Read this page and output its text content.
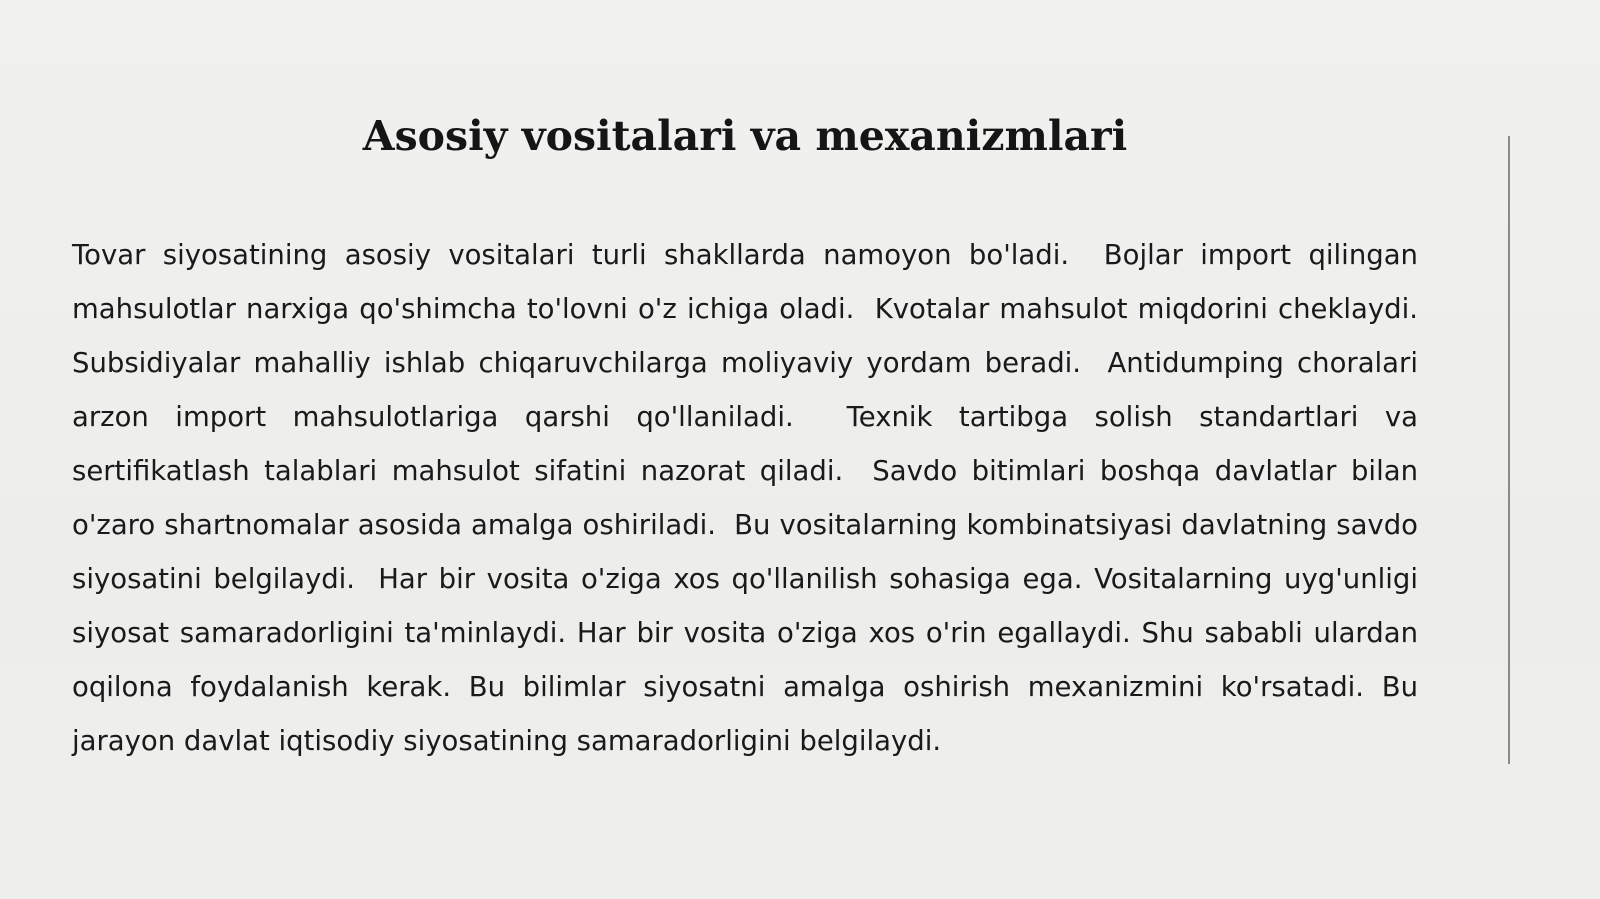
Asosiy vositalari va mexanizmlari

Tovar siyosatining asosiy vositalari turli shakllarda namoyon bo'ladi.  Bojlar import qilingan mahsulotlar narxiga qo'shimcha to'lovni o'z ichiga oladi.  Kvotalar mahsulot miqdorini cheklaydi.  Subsidiyalar mahalliy ishlab chiqaruvchilarga moliyaviy yordam beradi.  Antidumping choralari arzon import mahsulotlariga qarshi qo'llaniladi.  Texnik tartibga solish standartlari va sertifikatlash talablari mahsulot sifatini nazorat qiladi.  Savdo bitimlari boshqa davlatlar bilan o'zaro shartnomalar asosida amalga oshiriladi.  Bu vositalarning kombinatsiyasi davlatning savdo siyosatini belgilaydi.  Har bir vosita o'ziga xos qo'llanilish sohasiga ega. Vositalarning uyg'unligi siyosat samaradorligini ta'minlaydi. Har bir vosita o'ziga xos o'rin egallaydi. Shu sababli ulardan oqilona foydalanish kerak. Bu bilimlar siyosatni amalga oshirish mexanizmini ko'rsatadi. Bu jarayon davlat iqtisodiy siyosatining samaradorligini belgilaydi.
